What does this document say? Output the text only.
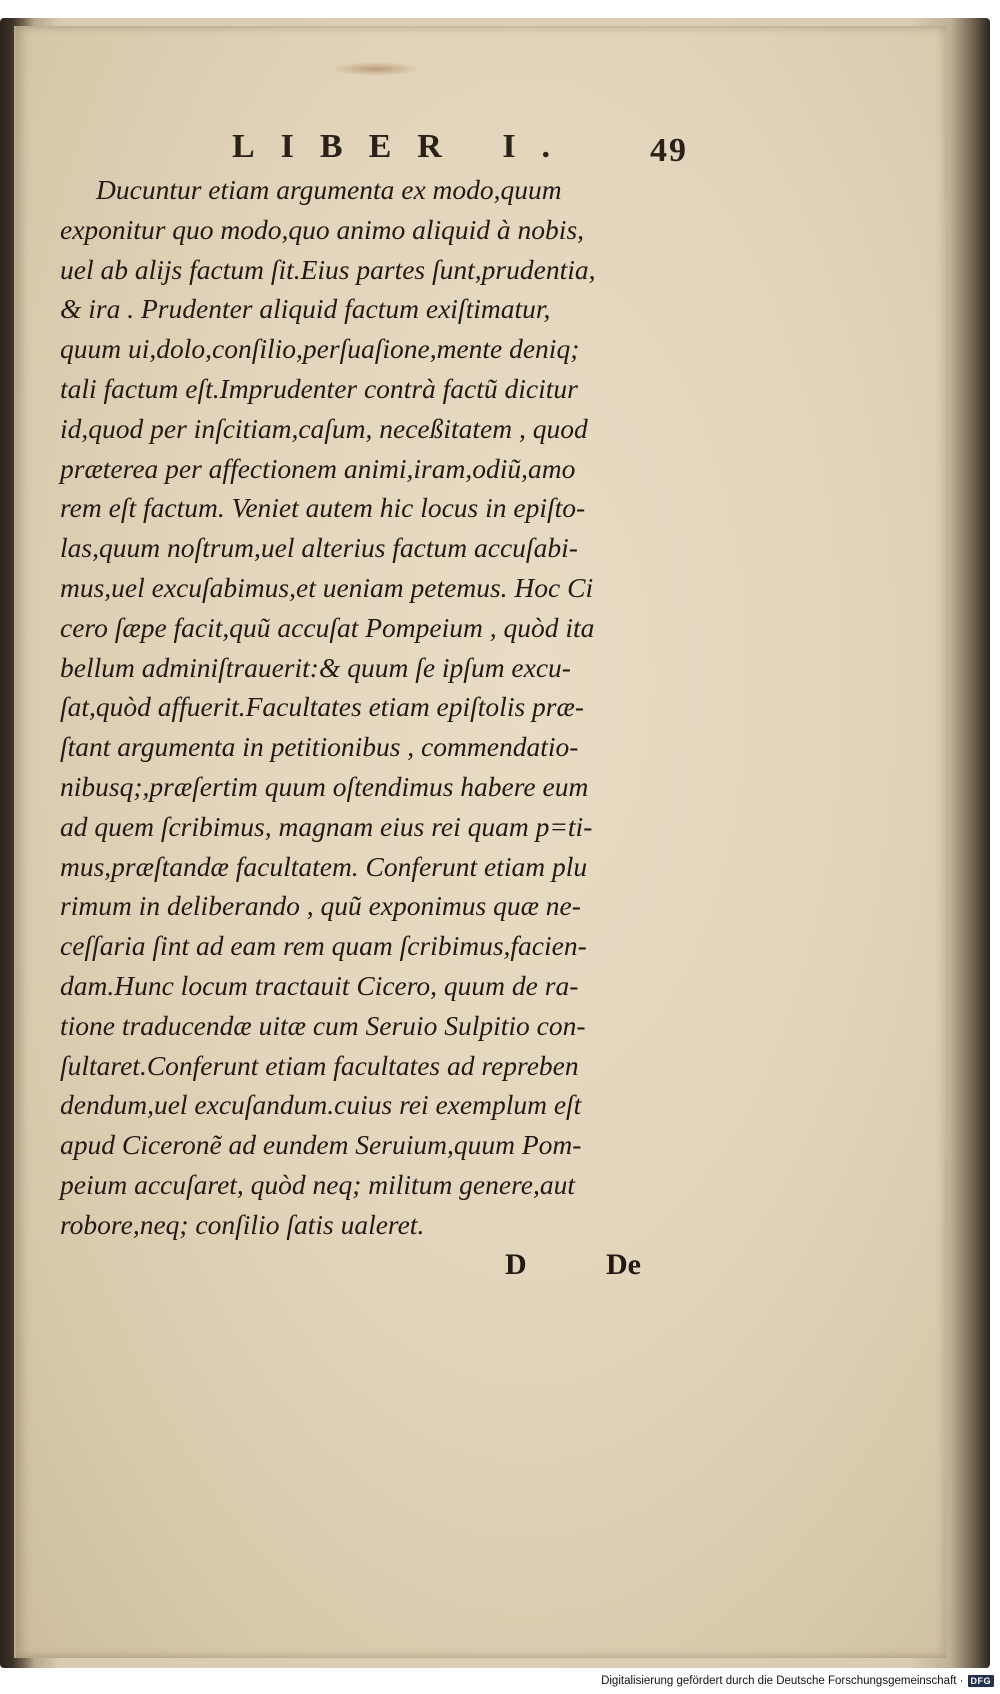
LIBER I. 49
Ducuntur etiam argumenta ex modo,quum
exponitur quo modo,quo animo aliquid à nobis,
uel ab aliјs factum ſit.Eius partes ſunt,prudentia,
& ira . Prudenter aliquid factum exiſtimatur,
quum ui,dolo,conſilio,perſuaſione,mente deniq;
tali factum eſt.Imprudenter contrà factũ dicitur
id,quod per inſcitiam,caſum, neceßitatem , quod
præterea per affectionem animi,iram,odiũ,amo
rem eſt factum. Veniet autem hic locus in epiſto-
las,quum noſtrum,uel alterius factum accuſabi-
mus,uel excuſabimus,et ueniam petemus. Hoc Ci
cero ſæpe facit,quũ accuſat Pompeium , quòd ita
bellum adminiſtrauerit:& quum ſe ipſum excu-
ſat,quòd affuerit.Facultates etiam epiſtolis præ-
ſtant argumenta in petitionibus , commendatio-
nibusq;,præſertim quum oſtendimus habere eum
ad quem ſcribimus, magnam eius rei quam p=ti-
mus,præſtandæ facultatem. Conferunt etiam plu
rimum in deliberando , quũ exponimus quæ ne-
ceſſaria ſint ad eam rem quam ſcribimus,facien-
dam.Hunc locum tractauit Cicero, quum de ra-
tione traducendæ uitæ cum Seruio Sulpitio con-
ſultaret.Conferunt etiam facultates ad repreben
dendum,uel excuſandum.cuius rei exemplum eſt
apud Ciceronẽ ad eundem Seruium,quum Pom-
peium accuſaret, quòd neq; militum genere,aut
robore,neq; conſilio ſatis ualeret.
D	De
Digitalisierung gefördert durch die Deutsche Forschungsgemeinschaft · DFG
